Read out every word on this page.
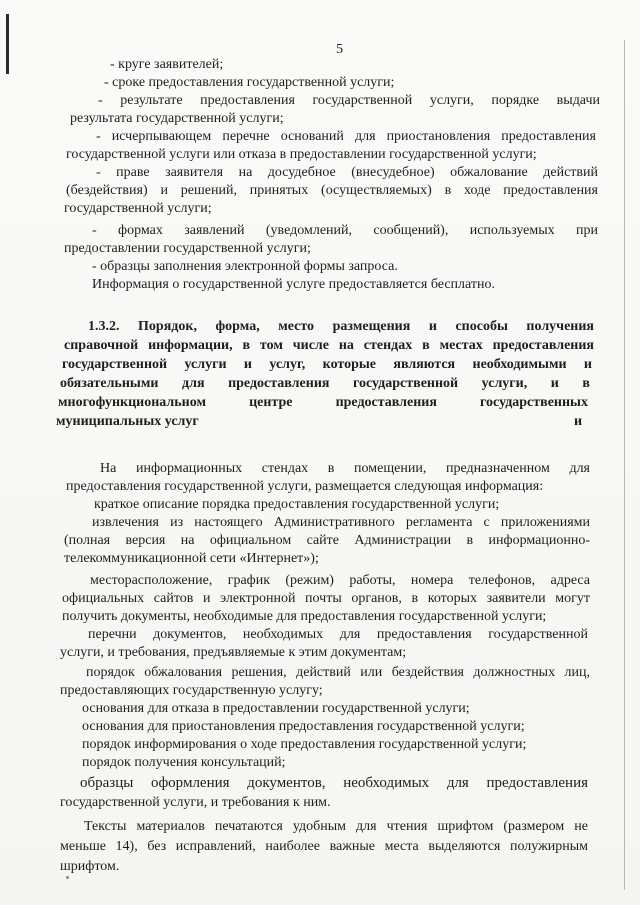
5
- круге заявителей;
- сроке предоставления государственной услуги;
- результате предоставления государственной услуги, порядке выдачи
результата государственной услуги;
- исчерпывающем перечне оснований для приостановления предоставления
государственной услуги или отказа в предоставлении государственной услуги;
- праве заявителя на досудебное (внесудебное) обжалование действий
(бездействия) и решений, принятых (осуществляемых) в ходе предоставления
государственной услуги;
- формах заявлений (уведомлений, сообщений), используемых при
предоставлении государственной услуги;
- образцы заполнения электронной формы запроса.
Информация о государственной услуге предоставляется бесплатно.
1.3.2. Порядок, форма, место размещения и способы получения
справочной информации, в том числе на стендах в местах предоставления
государственной услуги и услуг, которые являются необходимыми и
обязательными для предоставления государственной услуги, и в
многофункциональном центре предоставления государственных
муниципальных услуг	и
На информационных стендах в помещении, предназначенном для
предоставления государственной услуги, размещается следующая информация:
краткое описание порядка предоставления государственной услуги;
извлечения из настоящего Административного регламента с приложениями
(полная версия на официальном сайте Администрации в информационно-
телекоммуникационной сети «Интернет»);
месторасположение, график (режим) работы, номера телефонов, адреса
официальных сайтов и электронной почты органов, в которых заявители могут
получить документы, необходимые для предоставления государственной услуги;
перечни документов, необходимых для предоставления государственной
услуги, и требования, предъявляемые к этим документам;
порядок обжалования решения, действий или бездействия должностных лиц,
предоставляющих государственную услугу;
основания для отказа в предоставлении государственной услуги;
основания для приостановления предоставления государственной услуги;
порядок информирования о ходе предоставления государственной услуги;
порядок получения консультаций;
образцы оформления документов, необходимых для предоставления
государственной услуги, и требования к ним.
Тексты материалов печатаются удобным для чтения шрифтом (размером не
меньше 14), без исправлений, наиболее важные места выделяются полужирным
шрифтом.
